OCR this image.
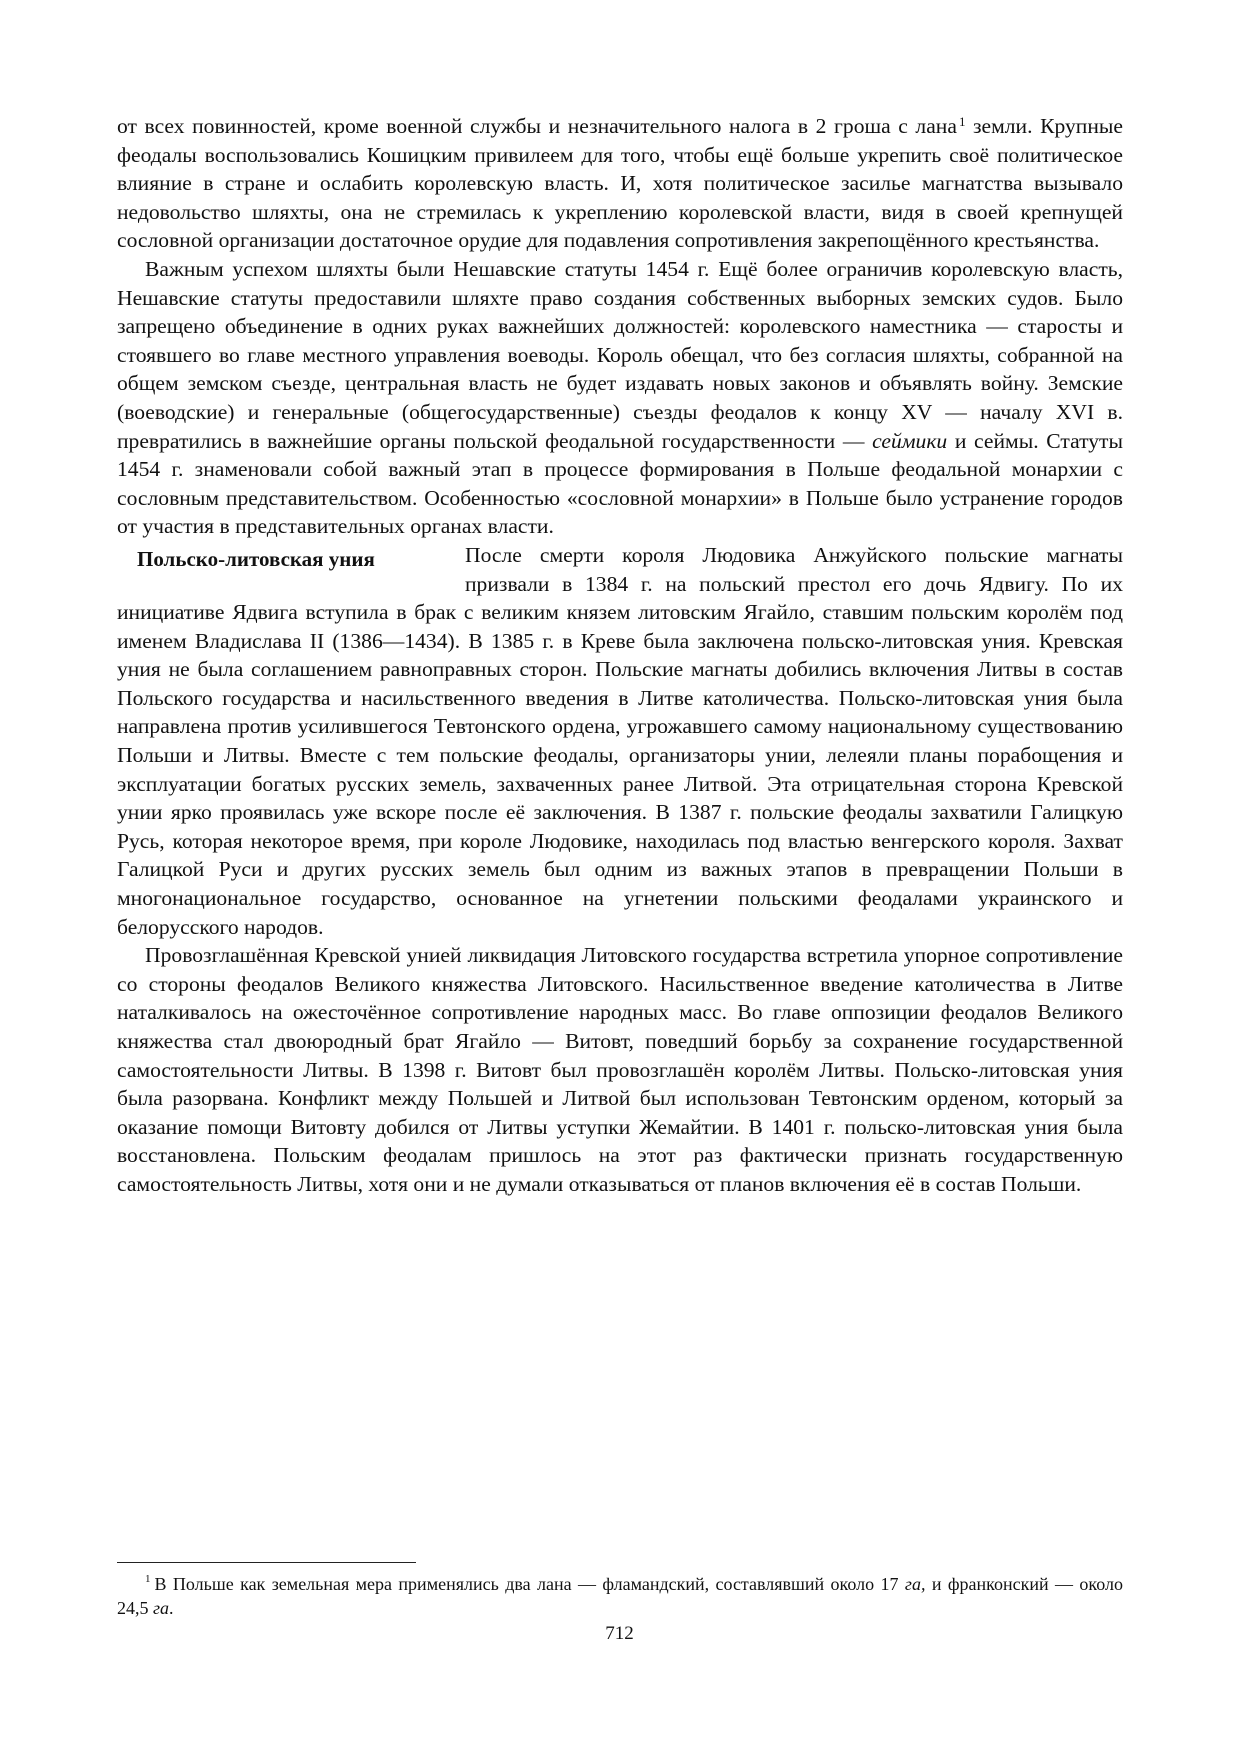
от всех повинностей, кроме военной службы и незначительного налога в 2 гроша с лана $^1$ земли. Крупные феодалы воспользовались Кошицким привилеем для того, чтобы ещё больше укрепить своё политическое влияние в стране и ослабить королевскую власть. И, хотя политическое засилье магнатства вызывало недовольство шляхты, она не стремилась к укреплению королевской власти, видя в своей крепнущей сословной организации достаточное орудие для подавления сопротивления закрепощённого крестьянства.

Важным успехом шляхты были Нешавские статуты 1454 г. Ещё более ограничив королевскую власть, Нешавские статуты предоставили шляхте право создания собственных выборных земских судов. Было запрещено объединение в одних руках важнейших должностей: королевского наместника — старосты и стоявшего во главе местного управления воеводы. Король обещал, что без согласия шляхты, собранной на общем земском съезде, центральная власть не будет издавать новых законов и объявлять войну. Земские (воеводские) и генеральные (общегосударственные) съезды феодалов к концу XV — началу XVI в. превратились в важнейшие органы польской феодальной государственности — сеймики и сеймы. Статуты 1454 г. знаменовали собой важный этап в процессе формирования в Польше феодальной монархии с сословным представительством. Особенностью «сословной монархии» в Польше было устранение городов от участия в представительных органах власти.

Польско-литовская уния	После смерти короля Людовика Анжуйского польские магнаты призвали в 1384 г. на польский престол его дочь Ядвигу. По их инициативе Ядвига вступила в брак с великим князем литовским Ягайло, ставшим польским королём под именем Владислава II (1386—1434). В 1385 г. в Креве была заключена польско-литовская уния. Кревская уния не была соглашением равноправных сторон. Польские магнаты добились включения Литвы в состав Польского государства и насильственного введения в Литве католичества. Польско-литовская уния была направлена против усилившегося Тевтонского ордена, угрожавшего самому национальному существованию Польши и Литвы. Вместе с тем польские феодалы, организаторы унии, лелеяли планы порабощения и эксплуатации богатых русских земель, захваченных ранее Литвой. Эта отрицательная сторона Кревской унии ярко проявилась уже вскоре после её заключения. В 1387 г. польские феодалы захватили Галицкую Русь, которая некоторое время, при короле Людовике, находилась под властью венгерского короля. Захват Галицкой Руси и других русских земель был одним из важных этапов в превращении Польши в многонациональное государство, основанное на угнетении польскими феодалами украинского и белорусского народов.

Провозглашённая Кревской унией ликвидация Литовского государства встретила упорное сопротивление со стороны феодалов Великого княжества Литовского. Насильственное введение католичества в Литве наталкивалось на ожесточённое сопротивление народных масс. Во главе оппозиции феодалов Великого княжества стал двоюродный брат Ягайло — Витовт, поведший борьбу за сохранение государственной самостоятельности Литвы. В 1398 г. Витовт был провозглашён королём Литвы. Польско-литовская уния была разорвана. Конфликт между Польшей и Литвой был использован Тевтонским орденом, который за оказание помощи Витовту добился от Литвы уступки Жемайтии. В 1401 г. польско-литовская уния была восстановлена. Польским феодалам пришлось на этот раз фактически признать государственную самостоятельность Литвы, хотя они и не думали отказываться от планов включения её в состав Польши.

$^1$ В Польше как земельная мера применялись два лана — фламандский, составлявший около 17 га, и франконский — около 24,5 га.

712
